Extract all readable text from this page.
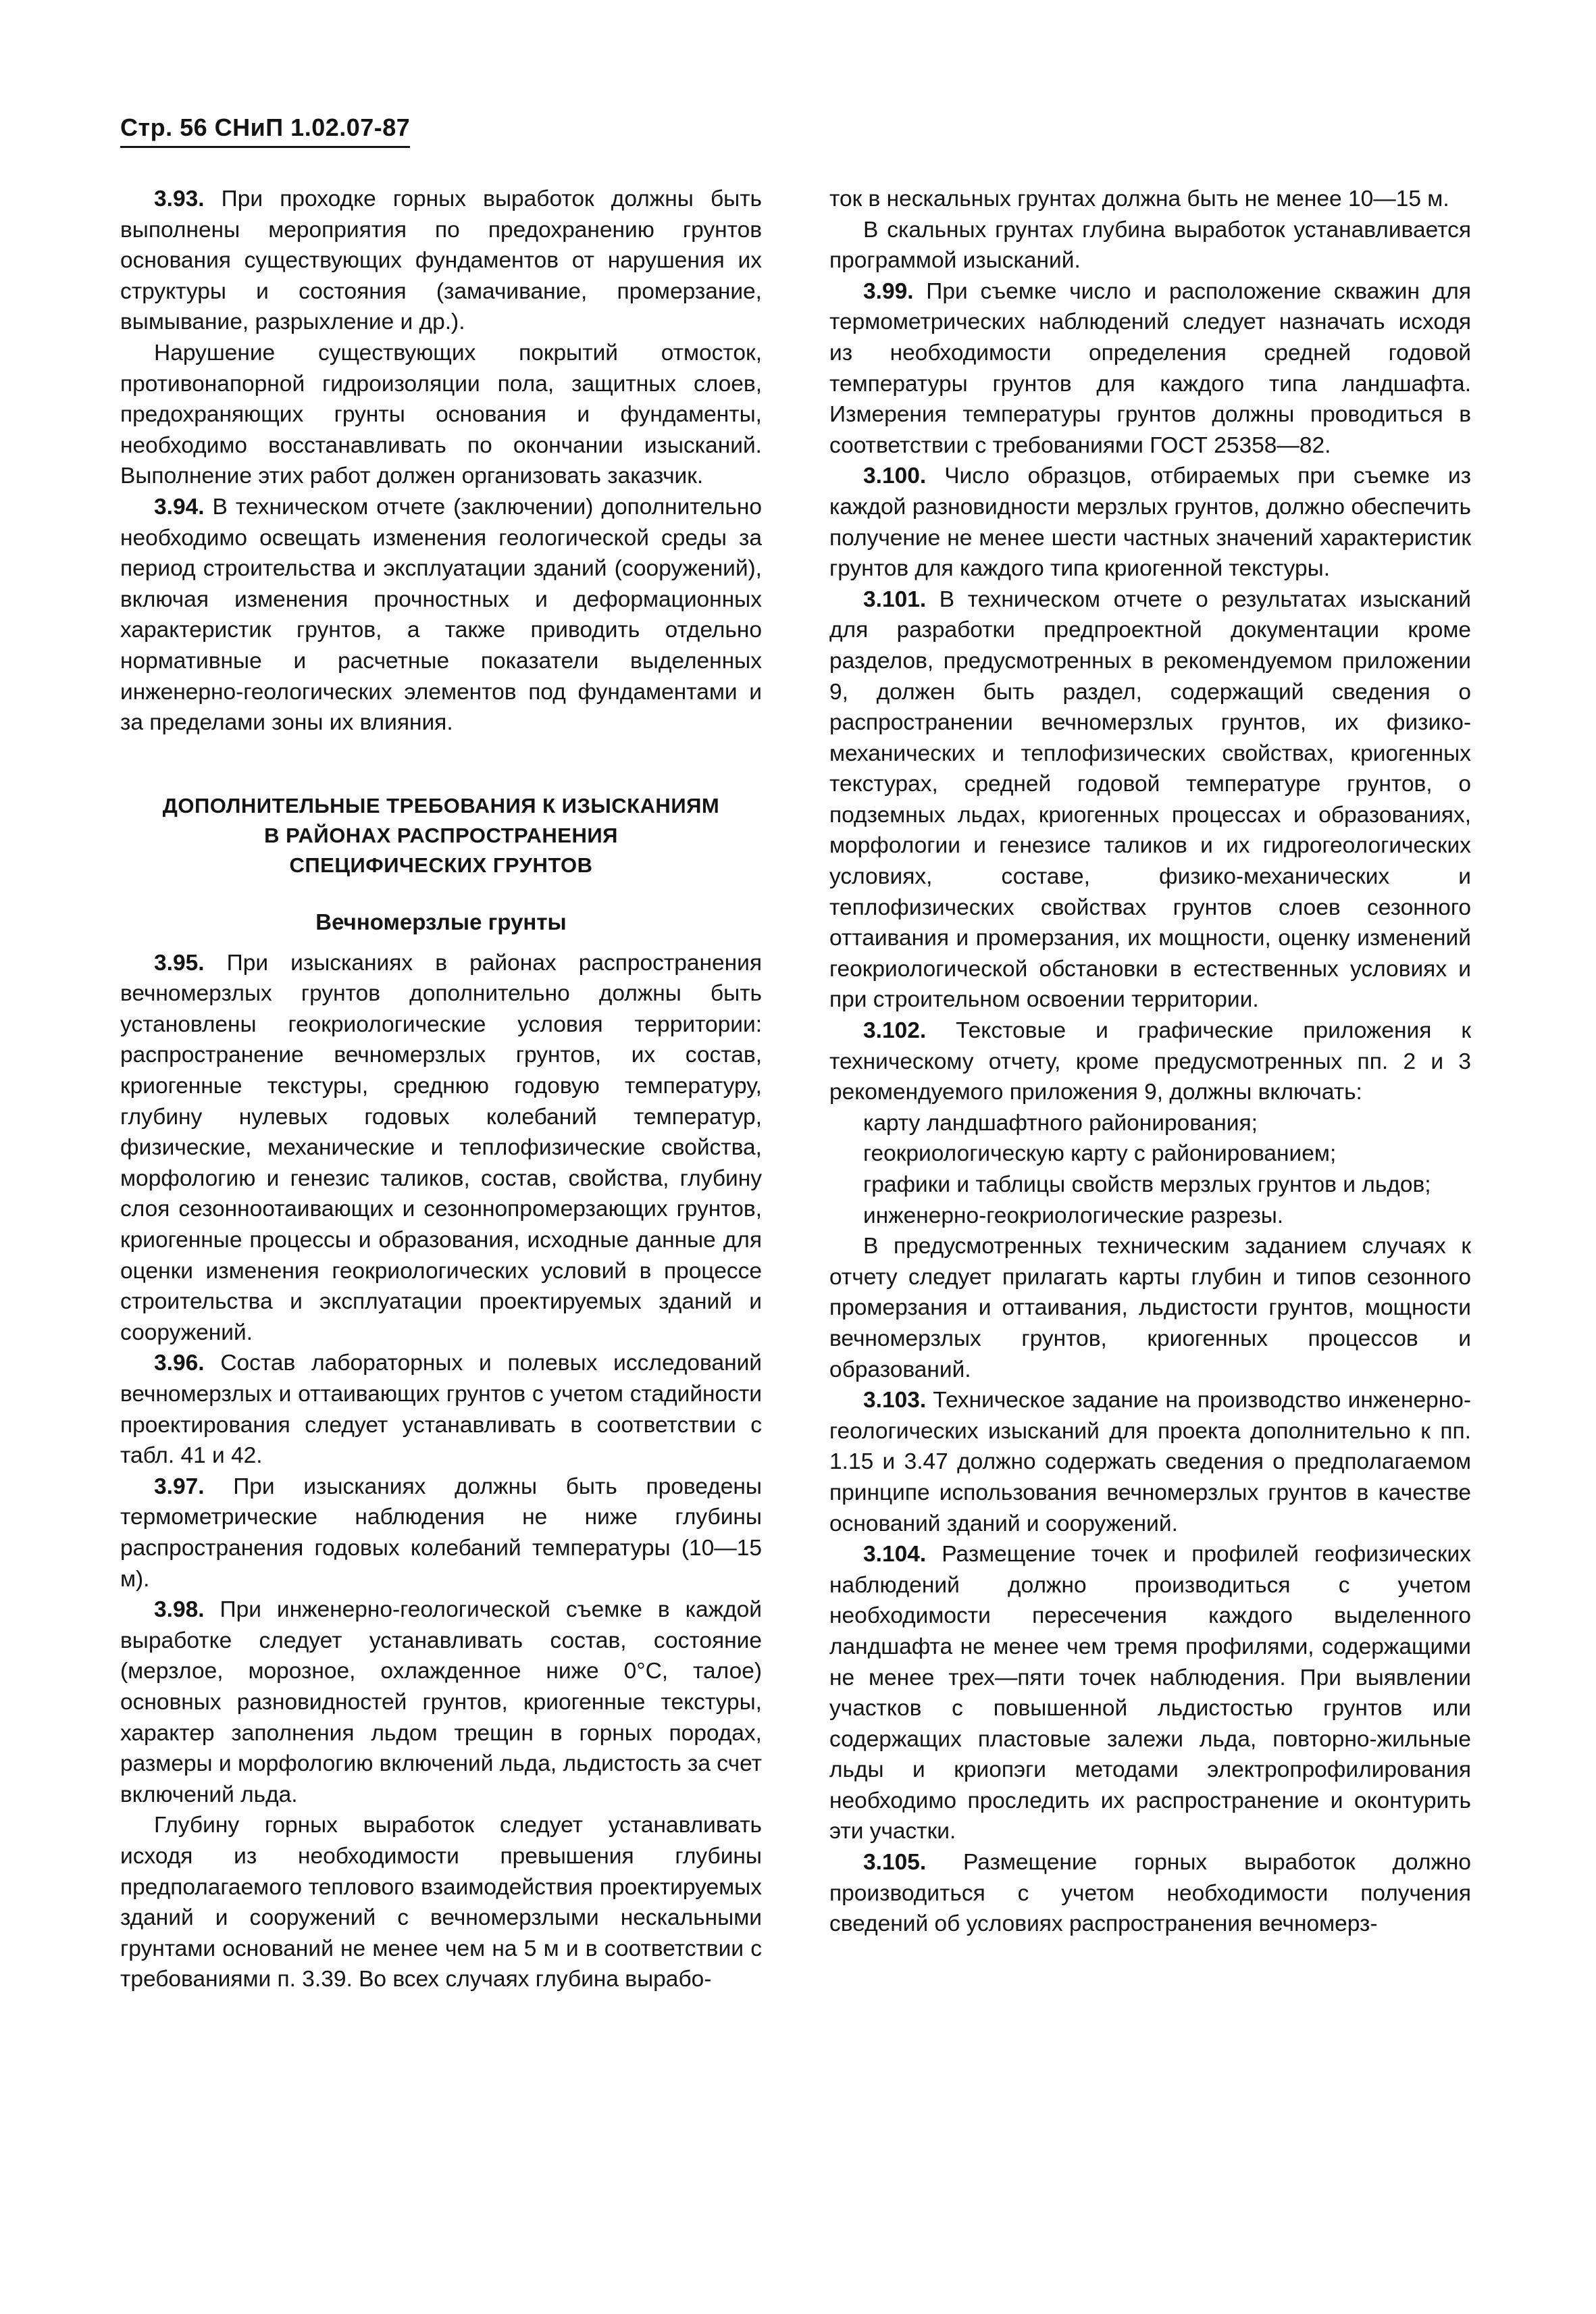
Стр. 56 СНиП 1.02.07-87

3.93. При проходке горных выработок должны быть выполнены мероприятия по предохранению грунтов основания существующих фундаментов от нарушения их структуры и состояния (замачивание, промерзание, вымывание, разрыхление и др.).

Нарушение существующих покрытий отмосток, противонапорной гидроизоляции пола, защитных слоев, предохраняющих грунты основания и фундаменты, необходимо восстанавливать по окончании изысканий. Выполнение этих работ должен организовать заказчик.

3.94. В техническом отчете (заключении) дополнительно необходимо освещать изменения геологической среды за период строительства и эксплуатации зданий (сооружений), включая изменения прочностных и деформационных характеристик грунтов, а также приводить отдельно нормативные и расчетные показатели выделенных инженерно-геологических элементов под фундаментами и за пределами зоны их влияния.

ДОПОЛНИТЕЛЬНЫЕ ТРЕБОВАНИЯ К ИЗЫСКАНИЯМ
В РАЙОНАХ РАСПРОСТРАНЕНИЯ
СПЕЦИФИЧЕСКИХ ГРУНТОВ
Вечномерзлые грунты

3.95. При изысканиях в районах распространения вечномерзлых грунтов дополнительно должны быть установлены геокриологические условия территории: распространение вечномерзлых грунтов, их состав, криогенные текстуры, среднюю годовую температуру, глубину нулевых годовых колебаний температур, физические, механические и теплофизические свойства, морфологию и генезис таликов, состав, свойства, глубину слоя сезонноотаивающих и сезоннопромерзающих грунтов, криогенные процессы и образования, исходные данные для оценки изменения геокриологических условий в процессе строительства и эксплуатации проектируемых зданий и сооружений.

3.96. Состав лабораторных и полевых исследований вечномерзлых и оттаивающих грунтов с учетом стадийности проектирования следует устанавливать в соответствии с табл. 41 и 42.

3.97. При изысканиях должны быть проведены термометрические наблюдения не ниже глубины распространения годовых колебаний температуры (10—15 м).

3.98. При инженерно-геологической съемке в каждой выработке следует устанавливать состав, состояние (мерзлое, морозное, охлажденное ниже 0°С, талое) основных разновидностей грунтов, криогенные текстуры, характер заполнения льдом трещин в горных породах, размеры и морфологию включений льда, льдистость за счет включений льда.

Глубину горных выработок следует устанавливать исходя из необходимости превышения глубины предполагаемого теплового взаимодействия проектируемых зданий и сооружений с вечномерзлыми нескальными грунтами оснований не менее чем на 5 м и в соответствии с требованиями п. 3.39. Во всех случаях глубина вырабо-

ток в нескальных грунтах должна быть не менее 10—15 м.

В скальных грунтах глубина выработок устанавливается программой изысканий.

3.99. При съемке число и расположение скважин для термометрических наблюдений следует назначать исходя из необходимости определения средней годовой температуры грунтов для каждого типа ландшафта. Измерения температуры грунтов должны проводиться в соответствии с требованиями ГОСТ 25358—82.

3.100. Число образцов, отбираемых при съемке из каждой разновидности мерзлых грунтов, должно обеспечить получение не менее шести частных значений характеристик грунтов для каждого типа криогенной текстуры.

3.101. В техническом отчете о результатах изысканий для разработки предпроектной документации кроме разделов, предусмотренных в рекомендуемом приложении 9, должен быть раздел, содержащий сведения о распространении вечномерзлых грунтов, их физико-механических и теплофизических свойствах, криогенных текстурах, средней годовой температуре грунтов, о подземных льдах, криогенных процессах и образованиях, морфологии и генезисе таликов и их гидрогеологических условиях, составе, физико-механических и теплофизических свойствах грунтов слоев сезонного оттаивания и промерзания, их мощности, оценку изменений геокриологической обстановки в естественных условиях и при строительном освоении территории.

3.102. Текстовые и графические приложения к техническому отчету, кроме предусмотренных пп. 2 и 3 рекомендуемого приложения 9, должны включать:

карту ландшафтного районирования;

геокриологическую карту с районированием;

графики и таблицы свойств мерзлых грунтов и льдов;

инженерно-геокриологические разрезы.

В предусмотренных техническим заданием случаях к отчету следует прилагать карты глубин и типов сезонного промерзания и оттаивания, льдистости грунтов, мощности вечномерзлых грунтов, криогенных процессов и образований.

3.103. Техническое задание на производство инженерно-геологических изысканий для проекта дополнительно к пп. 1.15 и 3.47 должно содержать сведения о предполагаемом принципе использования вечномерзлых грунтов в качестве оснований зданий и сооружений.

3.104. Размещение точек и профилей геофизических наблюдений должно производиться с учетом необходимости пересечения каждого выделенного ландшафта не менее чем тремя профилями, содержащими не менее трех—пяти точек наблюдения. При выявлении участков с повышенной льдистостью грунтов или содержащих пластовые залежи льда, повторно-жильные льды и криопэги методами электропрофилирования необходимо проследить их распространение и оконтурить эти участки.

3.105. Размещение горных выработок должно производиться с учетом необходимости получения сведений об условиях распространения вечномерз-
